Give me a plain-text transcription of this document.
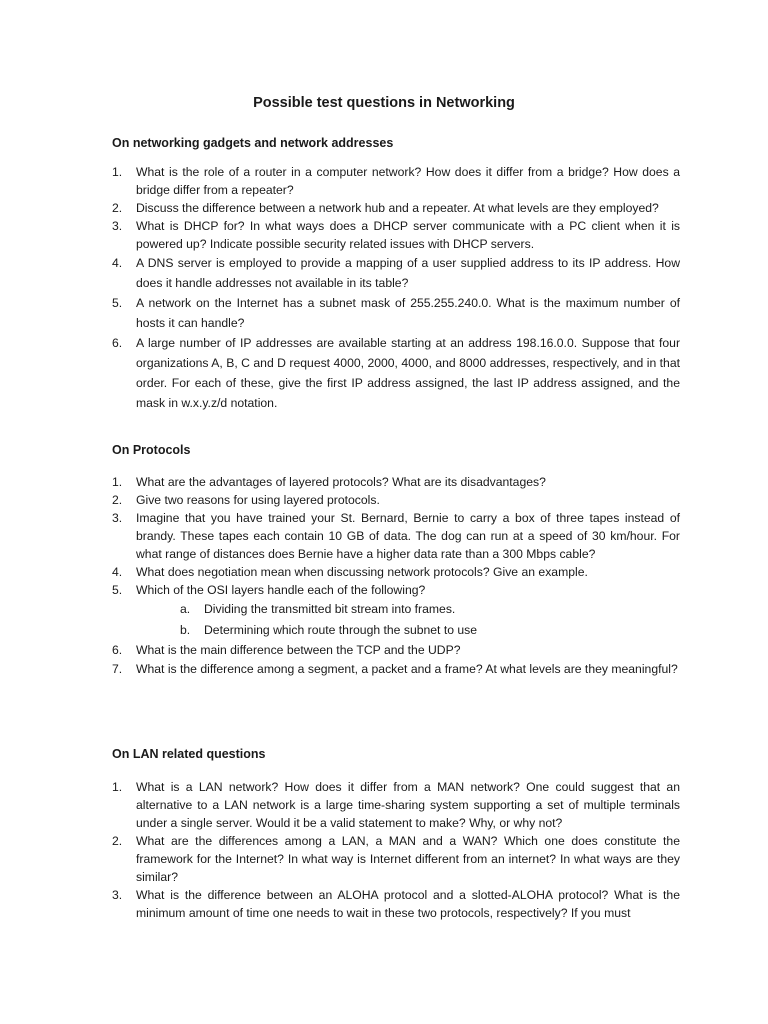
Possible test questions in Networking
On networking gadgets and network addresses
1. What is the role of a router in a computer network? How does it differ from a bridge? How does a bridge differ from a repeater?
2. Discuss the difference between a network hub and a repeater. At what levels are they employed?
3. What is DHCP for? In what ways does a DHCP server communicate with a PC client when it is powered up? Indicate possible security related issues with DHCP servers.
4. A DNS server is employed to provide a mapping of a user supplied address to its IP address. How does it handle addresses not available in its table?
5. A network on the Internet has a subnet mask of 255.255.240.0. What is the maximum number of hosts it can handle?
6. A large number of IP addresses are available starting at an address 198.16.0.0. Suppose that four organizations A, B, C and D request 4000, 2000, 4000, and 8000 addresses, respectively, and in that order. For each of these, give the first IP address assigned, the last IP address assigned, and the mask in w.x.y.z/d notation.
On Protocols
1. What are the advantages of layered protocols? What are its disadvantages?
2. Give two reasons for using layered protocols.
3. Imagine that you have trained your St. Bernard, Bernie to carry a box of three tapes instead of brandy. These tapes each contain 10 GB of data. The dog can run at a speed of 30 km/hour. For what range of distances does Bernie have a higher data rate than a 300 Mbps cable?
4. What does negotiation mean when discussing network protocols? Give an example.
5. Which of the OSI layers handle each of the following?
a. Dividing the transmitted bit stream into frames.
b. Determining which route through the subnet to use
6. What is the main difference between the TCP and the UDP?
7. What is the difference among a segment, a packet and a frame? At what levels are they meaningful?
On LAN related questions
1. What is a LAN network? How does it differ from a MAN network? One could suggest that an alternative to a LAN network is a large time-sharing system supporting a set of multiple terminals under a single server. Would it be a valid statement to make? Why, or why not?
2. What are the differences among a LAN, a MAN and a WAN? Which one does constitute the framework for the Internet? In what way is Internet different from an internet? In what ways are they similar?
3. What is the difference between an ALOHA protocol and a slotted-ALOHA protocol? What is the minimum amount of time one needs to wait in these two protocols, respectively? If you must
